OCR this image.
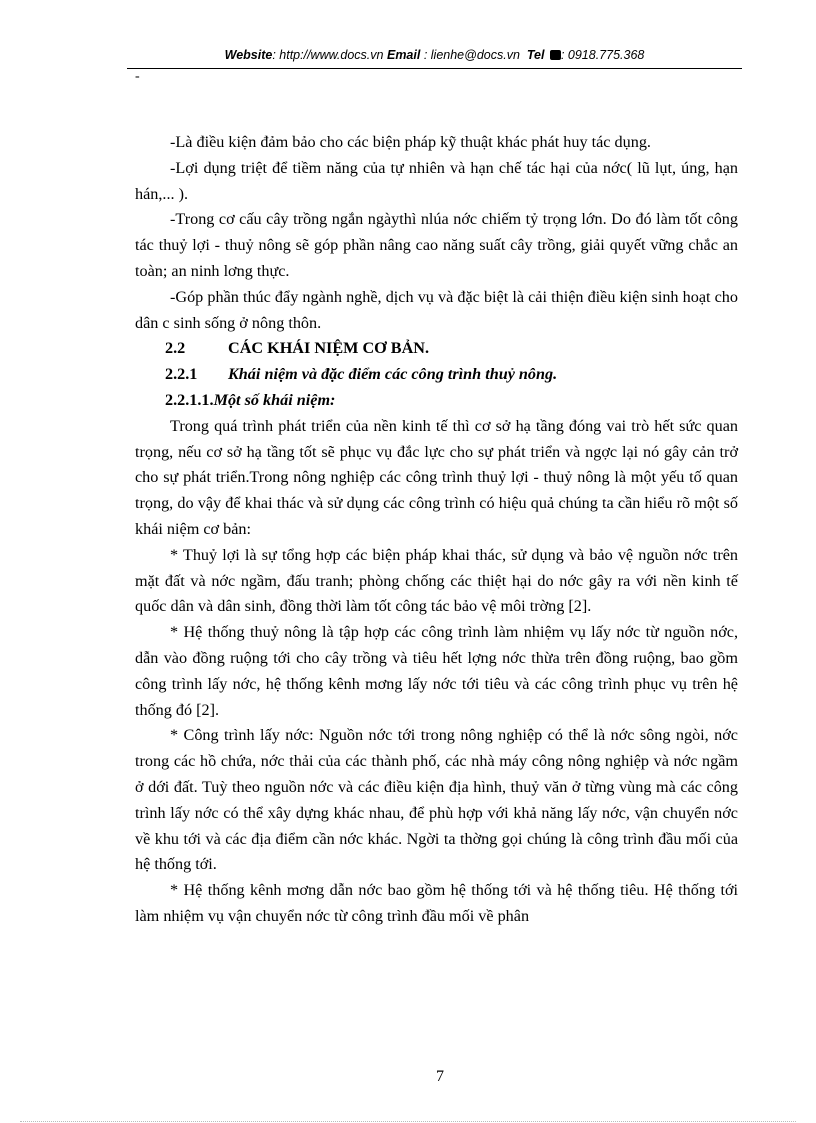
Website: http://www.docs.vn Email : lienhe@docs.vn Tel : 0918.775.368
-

-Là điều kiện đảm bảo cho các biện pháp kỹ thuật khác phát huy tác dụng.

-Lợi dụng triệt để tiềm năng của tự nhiên và hạn chế tác hại của nớc( lũ lụt, úng, hạn hán,... ).

-Trong cơ cấu cây trồng ngắn ngàythì nlúa nớc chiếm tỷ trọng lớn. Do đó làm tốt công tác thuỷ lợi - thuỷ nông sẽ góp phần nâng cao năng suất cây trồng, giải quyết vững chắc an toàn; an ninh lơng thực.

-Góp phần thúc đẩy ngành nghề, dịch vụ và đặc biệt là cải thiện điều kiện sinh hoạt cho dân c sinh sống ở nông thôn.

2.2	CÁC KHÁI NIỆM CƠ BẢN.

2.2.1 Khái niệm và đặc điểm các công trình thuỷ nông.

2.2.1.1.Một số khái niệm:

Trong quá trình phát triển của nền kinh tế thì cơ sở hạ tầng đóng vai trò hết sức quan trọng, nếu cơ sở hạ tầng tốt sẽ phục vụ đắc lực cho sự phát triển và ngợc lại nó gây cản trở cho sự phát triển.Trong nông nghiệp các công trình thuỷ lợi - thuỷ nông là một yếu tố quan trọng, do vậy để khai thác và sử dụng các công trình có hiệu quả chúng ta cần hiểu rõ một số khái niệm cơ bản:

* Thuỷ lợi là sự tổng hợp các biện pháp khai thác, sử dụng và bảo vệ nguồn nớc trên mặt đất và nớc ngầm, đấu tranh; phòng chống các thiệt hại do nớc gây ra với nền kinh tế quốc dân và dân sinh, đồng thời làm tốt công tác bảo vệ môi trờng [2].

* Hệ thống thuỷ nông là tập hợp các công trình làm nhiệm vụ lấy nớc từ nguồn nớc, dẫn vào đồng ruộng tới cho cây trồng và tiêu hết lợng nớc thừa trên đồng ruộng, bao gồm công trình lấy nớc, hệ thống kênh mơng lấy nớc tới tiêu và các công trình phục vụ trên hệ thống đó [2].

* Công trình lấy nớc: Nguồn nớc tới trong nông nghiệp có thể là nớc sông ngòi, nớc trong các hồ chứa, nớc thải của các thành phố, các nhà máy công nông nghiệp và nớc ngầm ở dới đất. Tuỳ theo nguồn nớc và các điều kiện địa hình, thuỷ văn ở từng vùng mà các công trình lấy nớc có thể xây dựng khác nhau, để phù hợp với khả năng lấy nớc, vận chuyển nớc về khu tới và các địa điểm cần nớc khác. Ngời ta thờng gọi chúng là công trình đầu mối của hệ thống tới.

* Hệ thống kênh mơng dẫn nớc bao gồm hệ thống tới và hệ thống tiêu. Hệ thống tới làm nhiệm vụ vận chuyển nớc từ công trình đầu mối về phân

7
